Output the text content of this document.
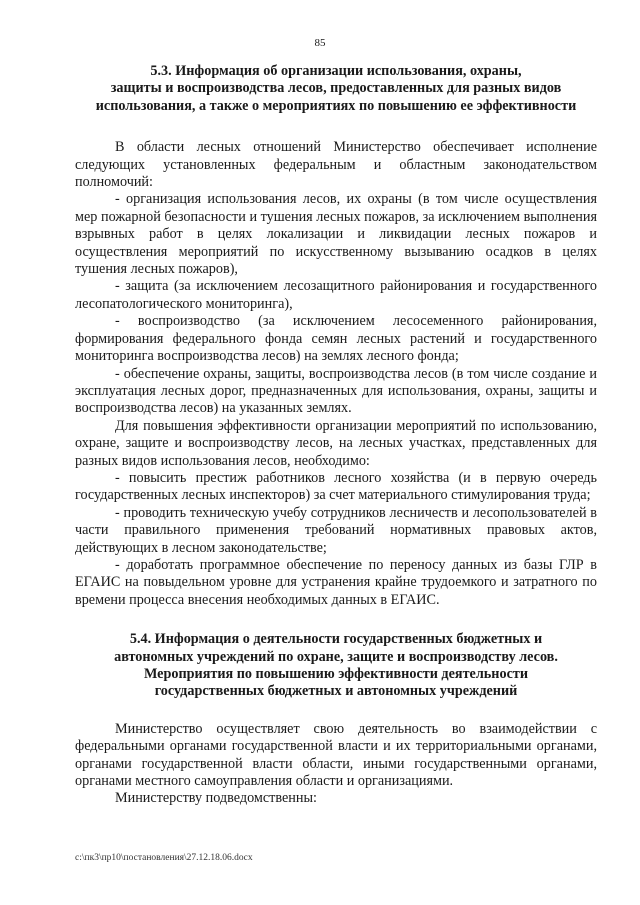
85
5.3. Информация об организации использования, охраны,
защиты и воспроизводства лесов, предоставленных для разных видов
использования, а также о мероприятиях по повышению ее эффективности

В области лесных отношений Министерство обеспечивает исполнение следующих установленных федеральным и областным законодательством полномочий:

- организация использования лесов, их охраны (в том числе осуществления мер пожарной безопасности и тушения лесных пожаров, за исключением выполнения взрывных работ в целях локализации и ликвидации лесных пожаров и осуществления мероприятий по искусственному вызыванию осадков в целях тушения лесных пожаров),

- защита (за исключением лесозащитного районирования и государственного лесопатологического мониторинга),

- воспроизводство (за исключением лесосеменного районирования, формирования федерального фонда семян лесных растений и государственного мониторинга воспроизводства лесов) на землях лесного фонда;

- обеспечение охраны, защиты, воспроизводства лесов (в том числе создание и эксплуатация лесных дорог, предназначенных для использования, охраны, защиты и воспроизводства лесов) на указанных землях.

Для повышения эффективности организации мероприятий по использованию, охране, защите и воспроизводству лесов, на лесных участках, представленных для разных видов использования лесов, необходимо:

- повысить престиж работников лесного хозяйства (и в первую очередь государственных лесных инспекторов) за счет материального стимулирования труда;

- проводить техническую учебу сотрудников лесничеств и лесопользователей в части правильного применения требований нормативных правовых актов, действующих в лесном законодательстве;

- доработать программное обеспечение по переносу данных из базы ГЛР в ЕГАИС на повыдельном уровне для устранения крайне трудоемкого и затратного по времени процесса внесения необходимых данных в ЕГАИС.

5.4. Информация о деятельности государственных бюджетных и
автономных учреждений по охране, защите и воспроизводству лесов.
Мероприятия по повышению эффективности деятельности
государственных бюджетных и автономных учреждений

Министерство осуществляет свою деятельность во взаимодействии с федеральными органами государственной власти и их территориальными органами, органами государственной власти области, иными государственными органами, органами местного самоуправления области и организациями.

Министерству подведомственны:

c:\пк3\пр10\постановления\27.12.18.06.docx
